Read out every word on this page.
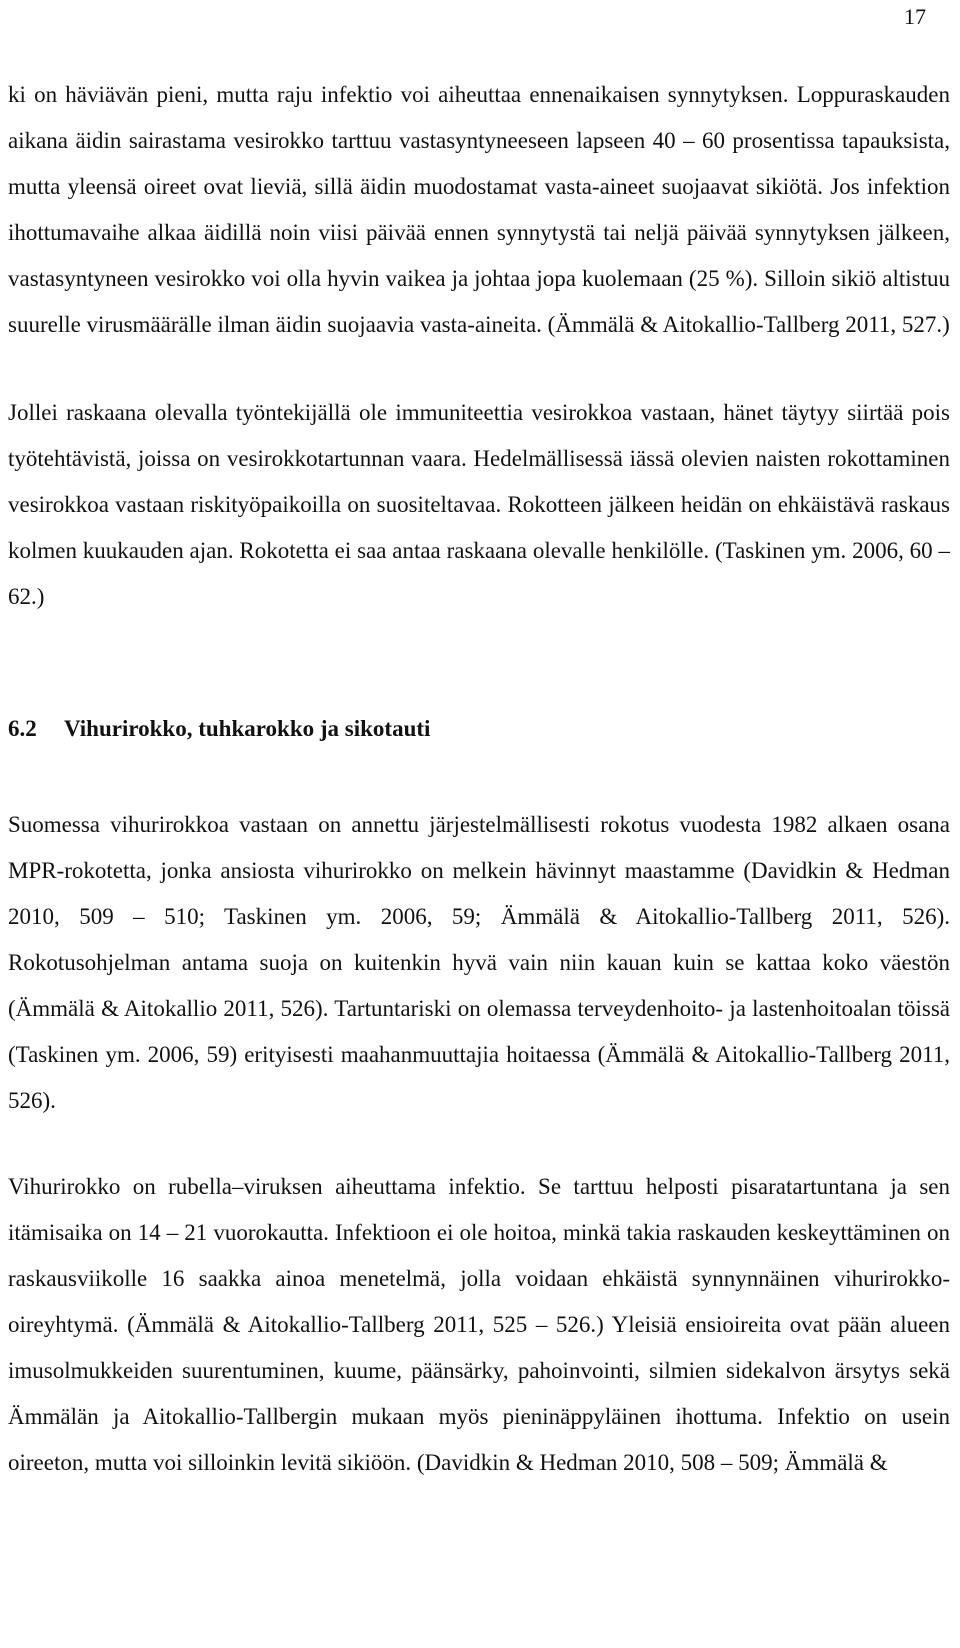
17

ki on häviävän pieni, mutta raju infektio voi aiheuttaa ennenaikaisen synnytyksen. Loppuraskauden aikana äidin sairastama vesirokko tarttuu vastasyntyneeseen lapseen 40 – 60 prosentissa tapauksista, mutta yleensä oireet ovat lieviä, sillä äidin muodostamat vasta-aineet suojaavat sikiötä. Jos infektion ihottumavaihe alkaa äidillä noin viisi päivää ennen synnytystä tai neljä päivää synnytyksen jälkeen, vastasyntyneen vesirokko voi olla hyvin vaikea ja johtaa jopa kuolemaan (25 %). Silloin sikiö altistuu suurelle virusmäärälle ilman äidin suojaavia vasta-aineita. (Ämmälä & Aitokallio-Tallberg 2011, 527.)

Jollei raskaana olevalla työntekijällä ole immuniteettia vesirokkoa vastaan, hänet täytyy siirtää pois työtehtävistä, joissa on vesirokkotartunnan vaara. Hedelmällisessä iässä olevien naisten rokottaminen vesirokkoa vastaan riskityöpaikoilla on suositeltavaa. Rokotteen jälkeen heidän on ehkäistävä raskaus kolmen kuukauden ajan. Rokotetta ei saa antaa raskaana olevalle henkilölle. (Taskinen ym. 2006, 60 – 62.)

6.2	Vihurirokko, tuhkarokko ja sikotauti

Suomessa vihurirokkoa vastaan on annettu järjestelmällisesti rokotus vuodesta 1982 alkaen osana MPR-rokotetta, jonka ansiosta vihurirokko on melkein hävinnyt maastamme (Davidkin & Hedman 2010, 509 – 510; Taskinen ym. 2006, 59; Ämmälä & Aitokallio-Tallberg 2011, 526). Rokotusohjelman antama suoja on kuitenkin hyvä vain niin kauan kuin se kattaa koko väestön (Ämmälä & Aitokallio 2011, 526). Tartuntariski on olemassa terveydenhoito- ja lastenhoitoalan töissä (Taskinen ym. 2006, 59) erityisesti maahanmuuttajia hoitaessa (Ämmälä & Aitokallio-Tallberg 2011, 526).

Vihurirokko on rubella–viruksen aiheuttama infektio. Se tarttuu helposti pisaratartuntana ja sen itämisaika on 14 – 21 vuorokautta. Infektioon ei ole hoitoa, minkä takia raskauden keskeyttäminen on raskausviikolle 16 saakka ainoa menetelmä, jolla voidaan ehkäistä synnynnäinen vihurirokko-oireyhtymä. (Ämmälä & Aitokallio-Tallberg 2011, 525 – 526.) Yleisiä ensioireita ovat pään alueen imusolmukkeiden suurentuminen, kuume, päänsärky, pahoinvointi, silmien sidekalvon ärsytys sekä Ämmälän ja Aitokallio-Tallbergin mukaan myös pieninäppyläinen ihottuma. Infektio on usein oireeton, mutta voi silloinkin levitä sikiöön. (Davidkin & Hedman 2010, 508 – 509; Ämmälä &
